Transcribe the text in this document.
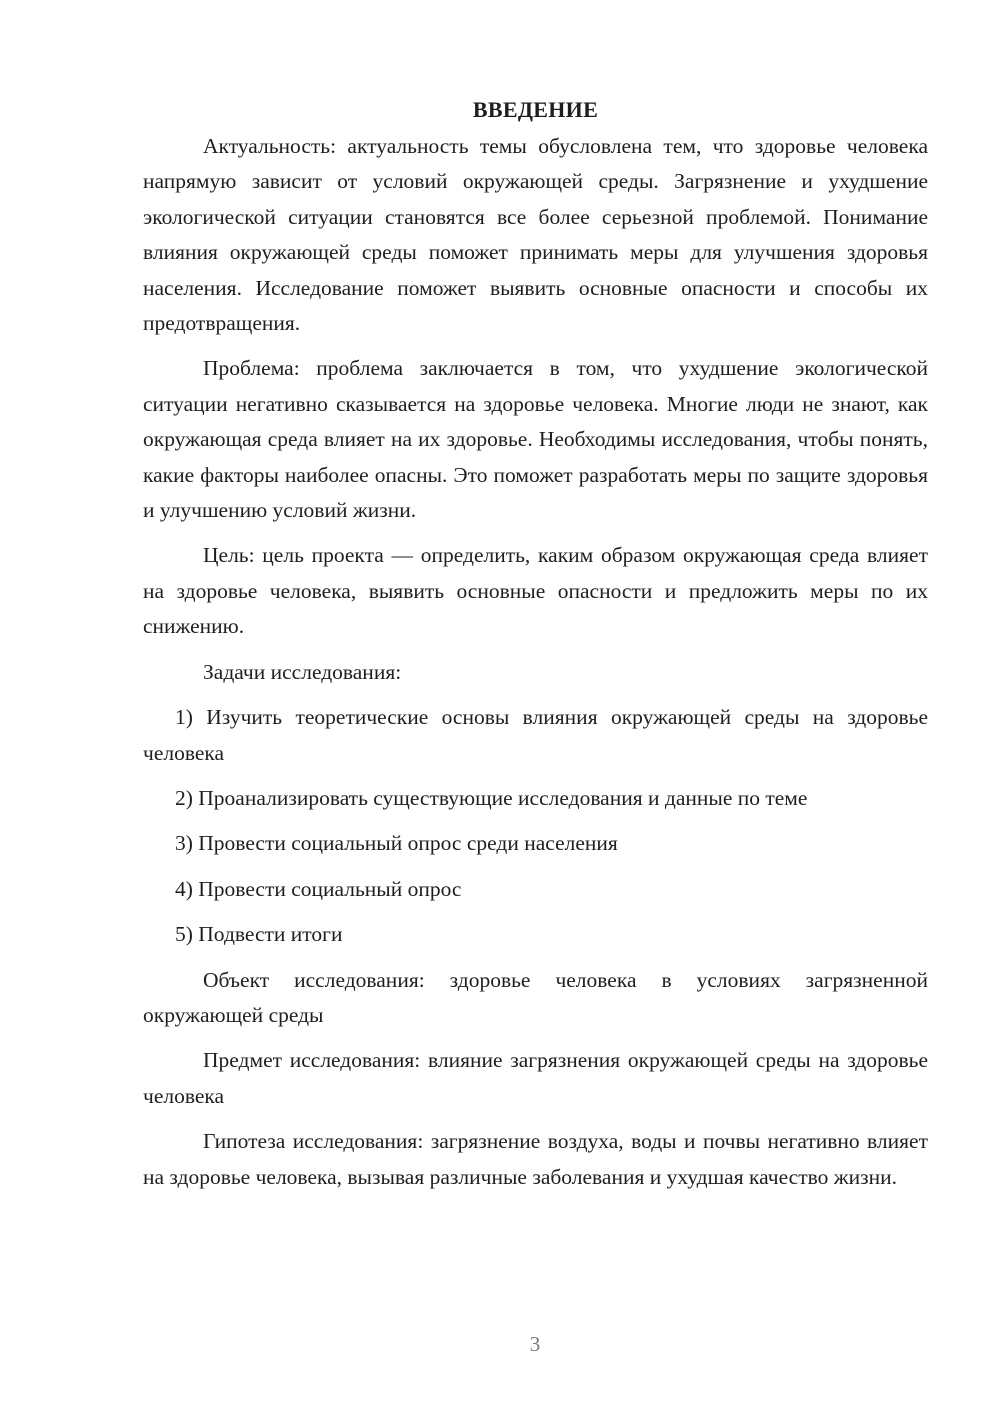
ВВЕДЕНИЕ

Актуальность: актуальность темы обусловлена тем, что здоровье человека напрямую зависит от условий окружающей среды. Загрязнение и ухудшение экологической ситуации становятся все более серьезной проблемой. Понимание влияния окружающей среды поможет принимать меры для улучшения здоровья населения. Исследование поможет выявить основные опасности и способы их предотвращения.

Проблема: проблема заключается в том, что ухудшение экологической ситуации негативно сказывается на здоровье человека. Многие люди не знают, как окружающая среда влияет на их здоровье. Необходимы исследования, чтобы понять, какие факторы наиболее опасны. Это поможет разработать меры по защите здоровья и улучшению условий жизни.

Цель: цель проекта — определить, каким образом окружающая среда влияет на здоровье человека, выявить основные опасности и предложить меры по их снижению.

Задачи исследования:

1) Изучить теоретические основы влияния окружающей среды на здоровье человека
2) Проанализировать существующие исследования и данные по теме
3) Провести социальный опрос среди населения
4) Провести социальный опрос
5) Подвести итоги

Объект исследования: здоровье человека в условиях загрязненной окружающей среды

Предмет исследования: влияние загрязнения окружающей среды на здоровье человека

Гипотеза исследования: загрязнение воздуха, воды и почвы негативно влияет на здоровье человека, вызывая различные заболевания и ухудшая качество жизни.

3
